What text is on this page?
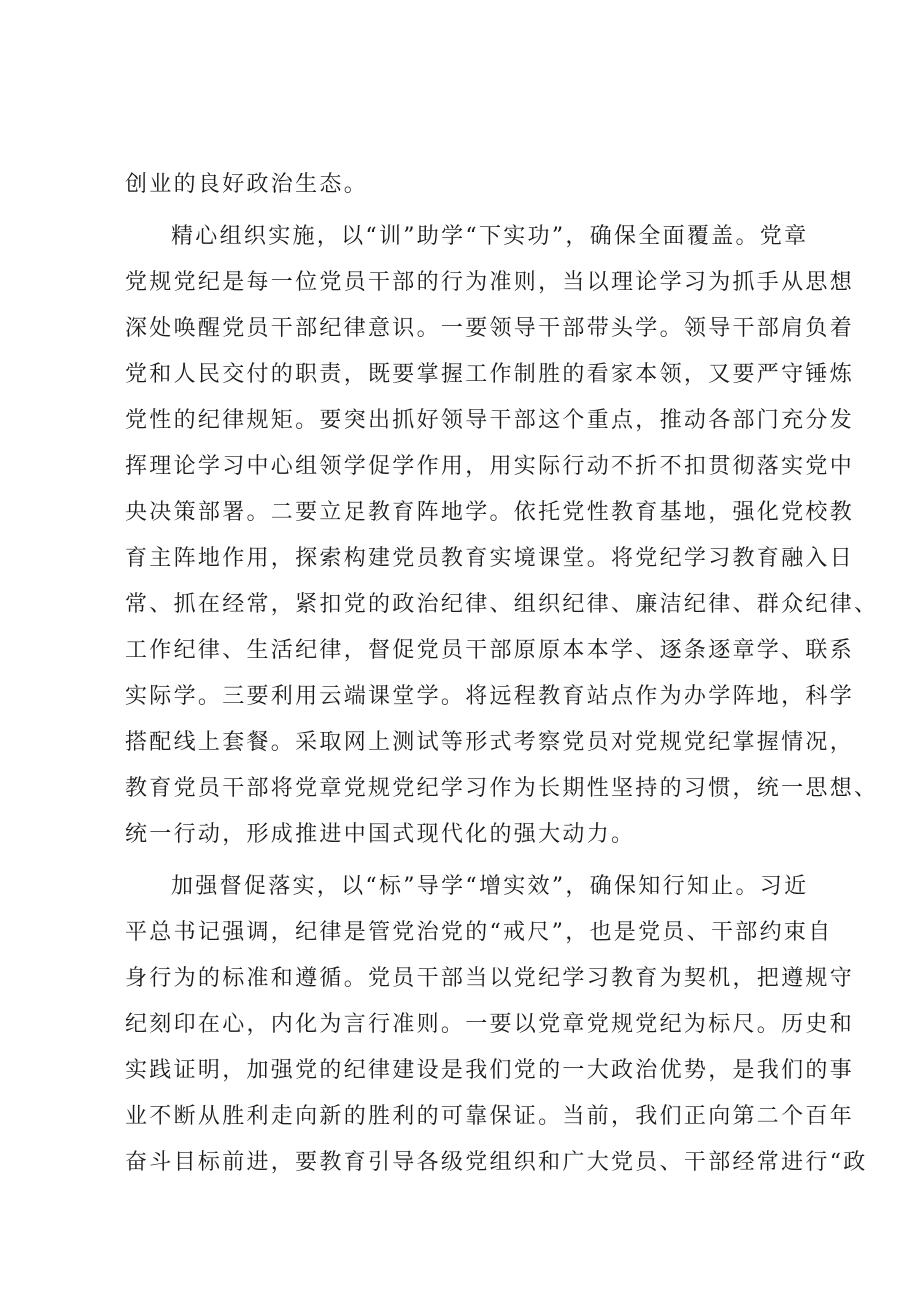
创业的良好政治生态。
精心组织实施，以“训”助学“下实功”，确保全面覆盖。党章
党规党纪是每一位党员干部的行为准则，当以理论学习为抓手从思想
深处唤醒党员干部纪律意识。一要领导干部带头学。领导干部肩负着
党和人民交付的职责，既要掌握工作制胜的看家本领，又要严守锤炼
党性的纪律规矩。要突出抓好领导干部这个重点，推动各部门充分发
挥理论学习中心组领学促学作用，用实际行动不折不扣贯彻落实党中
央决策部署。二要立足教育阵地学。依托党性教育基地，强化党校教
育主阵地作用，探索构建党员教育实境课堂。将党纪学习教育融入日
常、抓在经常，紧扣党的政治纪律、组织纪律、廉洁纪律、群众纪律、
工作纪律、生活纪律，督促党员干部原原本本学、逐条逐章学、联系
实际学。三要利用云端课堂学。将远程教育站点作为办学阵地，科学
搭配线上套餐。采取网上测试等形式考察党员对党规党纪掌握情况，
教育党员干部将党章党规党纪学习作为长期性坚持的习惯，统一思想、
统一行动，形成推进中国式现代化的强大动力。
加强督促落实，以“标”导学“增实效”，确保知行知止。习近
平总书记强调，纪律是管党治党的“戒尺”，也是党员、干部约束自
身行为的标准和遵循。党员干部当以党纪学习教育为契机，把遵规守
纪刻印在心，内化为言行准则。一要以党章党规党纪为标尺。历史和
实践证明，加强党的纪律建设是我们党的一大政治优势，是我们的事
业不断从胜利走向新的胜利的可靠保证。当前，我们正向第二个百年
奋斗目标前进，要教育引导各级党组织和广大党员、干部经常进行“政
